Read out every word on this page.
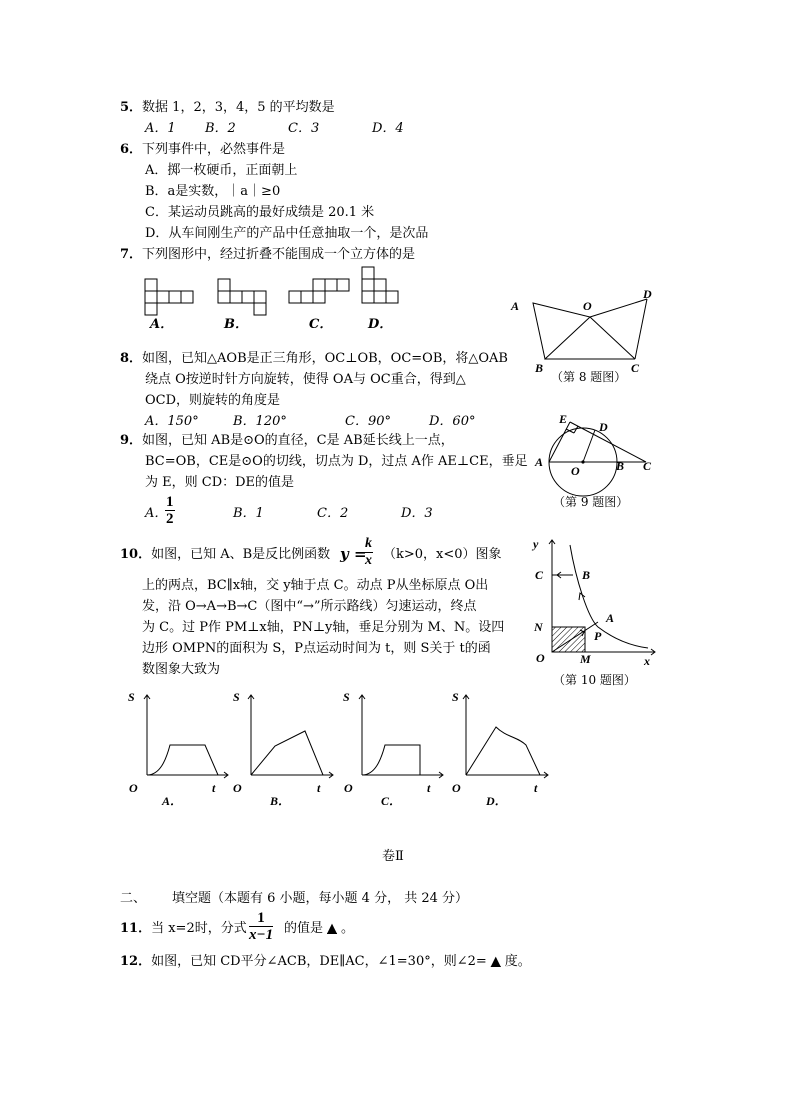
5．数据 1，2，3，4，5 的平均数是
A．1 B．2	C．3	D．4
6．下列事件中，必然事件是
A．掷一枚硬币，正面朝上
B．a是实数，｜a｜≥0
C．某运动员跳高的最好成绩是 20.1 米
D．从车间刚生产的产品中任意抽取一个，是次品
7．下列图形中，经过折叠不能围成一个立方体的是
A．	B．	C．	D．
A	O
D
B	C
（第 8 题图）
8．如图，已知△AOB是正三角形，OC⊥OB，OC=OB，将△OAB
绕点 O按逆时针方向旋转，使得 OA与 OC重合，得到△
OCD，则旋转的角度是
A．150°	B．120°	C．90°	D．60°	E
D
A
O	B C
（第 9 题图）
9．如图，已知 AB是⊙O的直径，C是 AB延长线上一点，
BC=OB，CE是⊙O的切线，切点为 D，过点 A作 AE⊥CE，垂足
为 E，则 CD：DE的值是
A．
$\frac{1}{2}$	B．1	C．2	D．3
y
C	B
A
N
P
O	M	x
（第 10 题图）
10．如图，已知 A、B是反比例函数 y =
$\frac{k}{x} (k>0$，x<0）图象
上的两点，BC∥x轴，交 y轴于点 C。动点 P从坐标原点 O出
发，沿 O→A→B→C（图中“→”所示路线）匀速运动，终点
为 C。过 P作 PM⊥x轴，PN⊥y轴，垂足分别为 M、N。设四
边形 OMPN的面积为 S，P点运动时间为 t，则 S关于 t的函
数图象大致为
S
O	t
A．
S
O	t
B．
S
O	t
C．
S
O	t
D．
卷Ⅱ
二、 填空题（本题有 6 小题，每小题 4 分， 共 24 分）
11．当 x=2时，分式 $\frac{1}{x-1}$ 的值是 ▲ 。
12．如图，已知 CD平分∠ACB，DE∥AC，∠1=30°，则∠2= ▲ 度。
